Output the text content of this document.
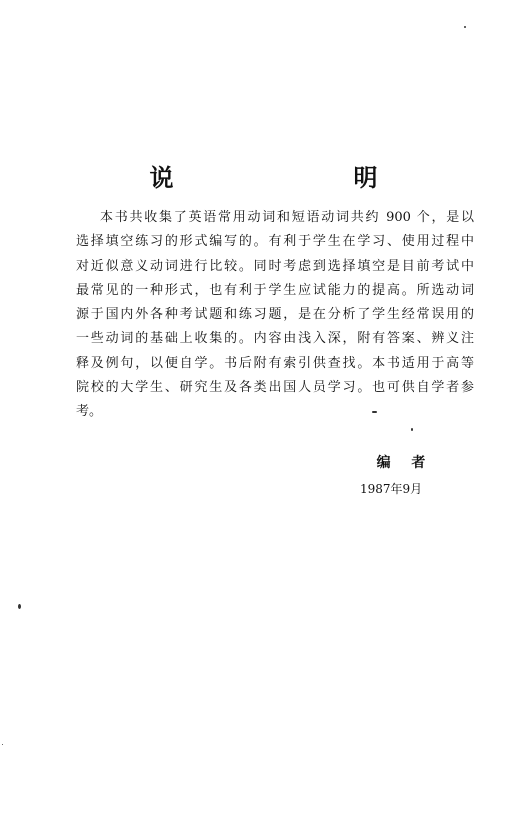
说　　明
本书共收集了英语常用动词和短语动词共约 900 个，是以
选择填空练习的形式编写的。有利于学生在学习、使用过程中
对近似意义动词进行比较。同时考虑到选择填空是目前考试中
最常见的一种形式，也有利于学生应试能力的提高。所选动词
源于国内外各种考试题和练习题，是在分析了学生经常误用的
一些动词的基础上收集的。内容由浅入深，附有答案、辨义注
释及例句，以便自学。书后附有索引供查找。本书适用于高等
院校的大学生、研究生及各类出国人员学习。也可供自学者参
考。
编 者
1987年9月
